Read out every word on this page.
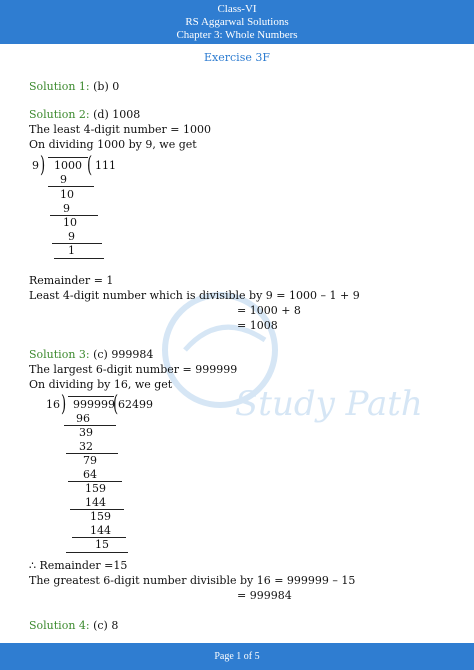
Class-VI
RS Aggarwal Solutions
Chapter 3: Whole Numbers
Exercise 3F
Study Path
Solution 1: (b) 0
Solution 2: (d) 1008
The least 4-digit number = 1000
On dividing 1000 by 9, we get
9 ) 1000 ( 111
9
10
9
10
9
1
Remainder = 1
Least 4-digit number which is divisible by 9 = 1000 – 1 + 9
= 1000 + 8
= 1008
Solution 3: (c) 999984
The largest 6-digit number = 999999
On dividing by 16, we get
16 ) 999999
( 62499
96
39
32
79
64
159
144
159
144
15
∴ Remainder =15
The greatest 6-digit number divisible by 16 = 999999 – 15
= 999984
Solution 4: (c) 8
Page 1 of 5
